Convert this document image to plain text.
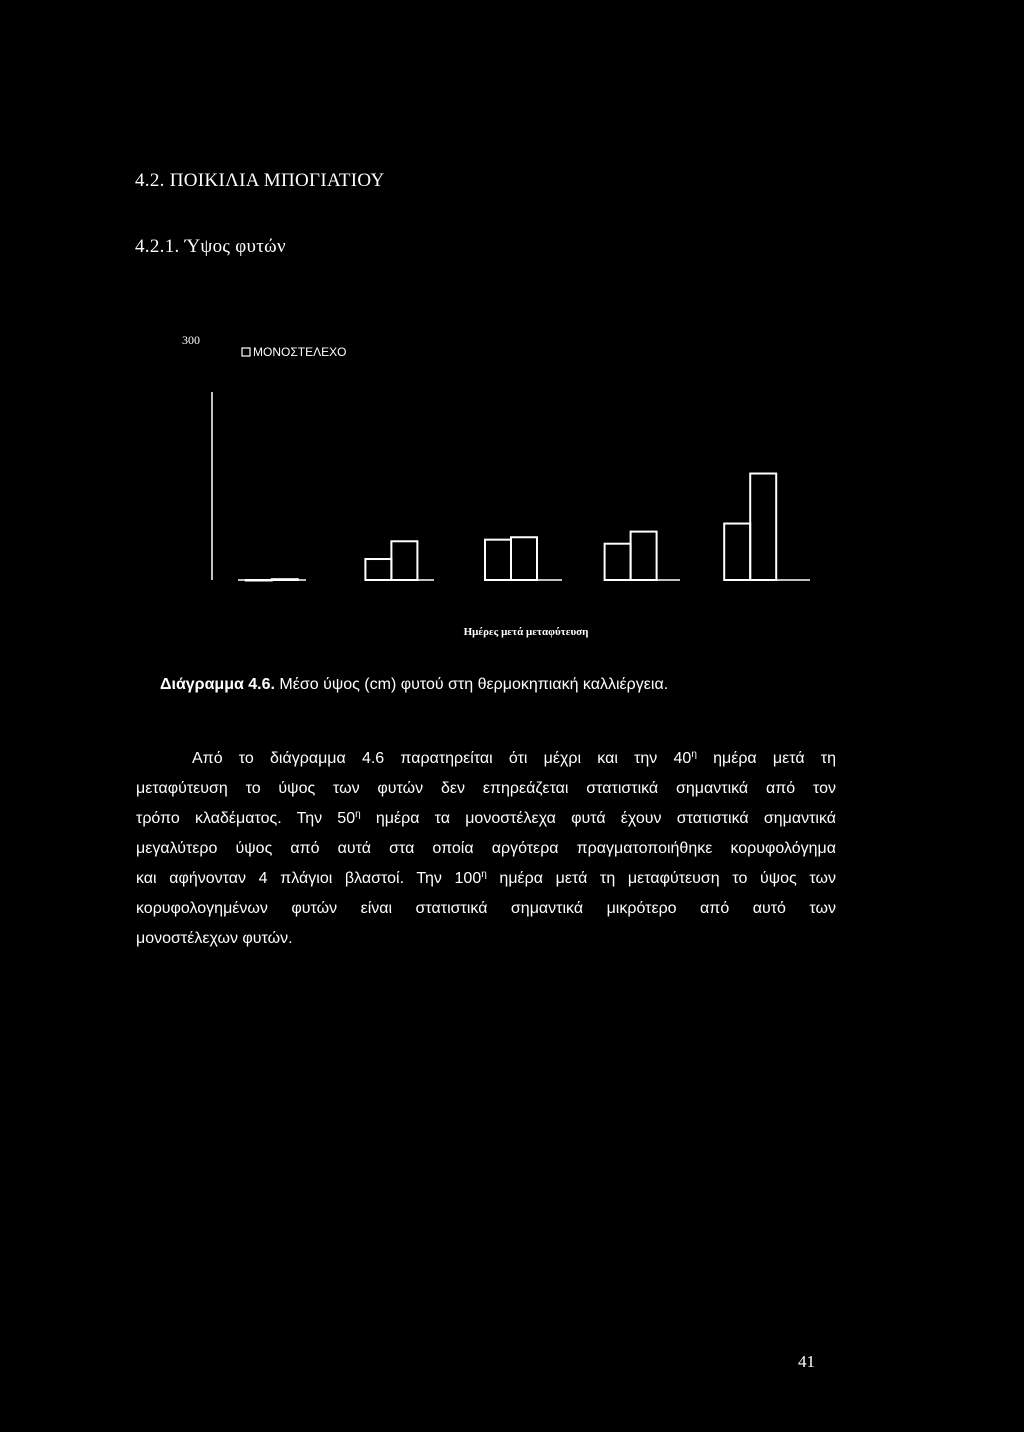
4.2. ΠΟΙΚΙΛΙΑ ΜΠΟΓΙΑΤΙΟΥ
4.2.1. Ύψος φυτών
300
ΜΟΝΟΣΤΕΛΕΧΟ
Ημέρες μετά μεταφύτευση
Διάγραμμα 4.6. Μέσο ύψος (cm) φυτού στη θερμοκηπιακή καλλιέργεια.
Από το διάγραμμα 4.6 παρατηρείται ότι μέχρι και την $40^\eta$ ημέρα μετά τη
μεταφύτευση το ύψος των φυτών δεν επηρεάζεται στατιστικά σημαντικά από τον
τρόπο κλαδέματος. Την $50^\eta$ ημέρα τα μονοστέλεχα φυτά έχουν στατιστικά σημαντικά
μεγαλύτερο ύψος από αυτά στα οποία αργότερα πραγματοποιήθηκε κορυφολόγημα
και αφήνονταν 4 πλάγιοι βλαστοί. Την $100^\eta$ ημέρα μετά τη μεταφύτευση το ύψος των
κορυφολογημένων φυτών είναι στατιστικά σημαντικά μικρότερο από αυτό των
μονοστέλεχων φυτών.
41
